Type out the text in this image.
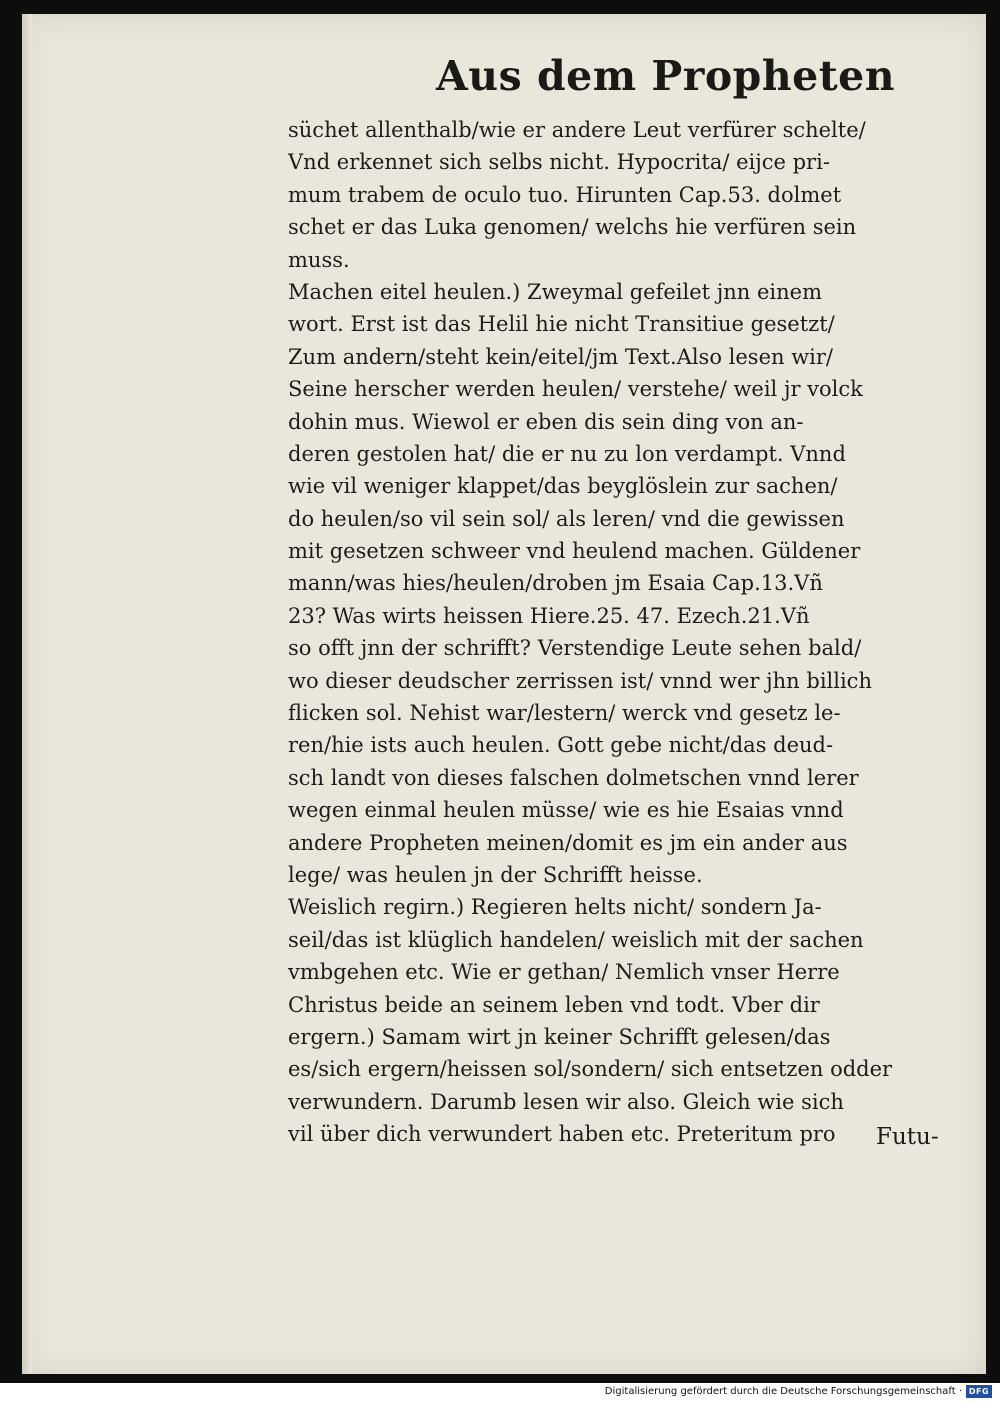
Aus dem Propheten
süchet allenthalb/wie er andere Leut verfürer schelte/
Vnd erkennet sich selbs nicht. Hypocrita/ eijce pri-
mum trabem de oculo tuo. Hirunten Cap.53. dolmet
schet er das Luka genomen/ welchs hie verfüren sein
muss.
Machen eitel heulen.) Zweymal gefeilet jnn einem
wort. Erst ist das Helil hie nicht Transitiue gesetzt/
Zum andern/steht kein/eitel/jm Text.Also lesen wir/
Seine herscher werden heulen/ verstehe/ weil jr volck
dohin mus. Wiewol er eben dis sein ding von an-
deren gestolen hat/ die er nu zu lon verdampt. Vnnd
wie vil weniger klappet/das beyglöslein zur sachen/
do heulen/so vil sein sol/ als leren/ vnd die gewissen
mit gesetzen schweer vnd heulend machen. Güldener
mann/was hies/heulen/droben jm Esaia Cap.13.Vñ
23? Was wirts heissen Hiere.25. 47. Ezech.21.Vñ
so offt jnn der schrifft? Verstendige Leute sehen bald/
wo dieser deudscher zerrissen ist/ vnnd wer jhn billich
flicken sol. Nehist war/lestern/ werck vnd gesetz le-
ren/hie ists auch heulen. Gott gebe nicht/das deud-
sch landt von dieses falschen dolmetschen vnnd lerer
wegen einmal heulen müsse/ wie es hie Esaias vnnd
andere Propheten meinen/domit es jm ein ander aus
lege/ was heulen jn der Schrifft heisse.
Weislich regirn.) Regieren helts nicht/ sondern Ja-
seil/das ist klüglich handelen/ weislich mit der sachen
vmbgehen etc. Wie er gethan/ Nemlich vnser Herre
Christus beide an seinem leben vnd todt. Vber dir
ergern.) Samam wirt jn keiner Schrifft gelesen/das
es/sich ergern/heissen sol/sondern/ sich entsetzen odder
verwundern. Darumb lesen wir also. Gleich wie sich
vil über dich verwundert haben etc. Preteritum pro	Futu-
Digitalisierung gefördert durch die Deutsche Forschungsgemeinschaft · DFG
